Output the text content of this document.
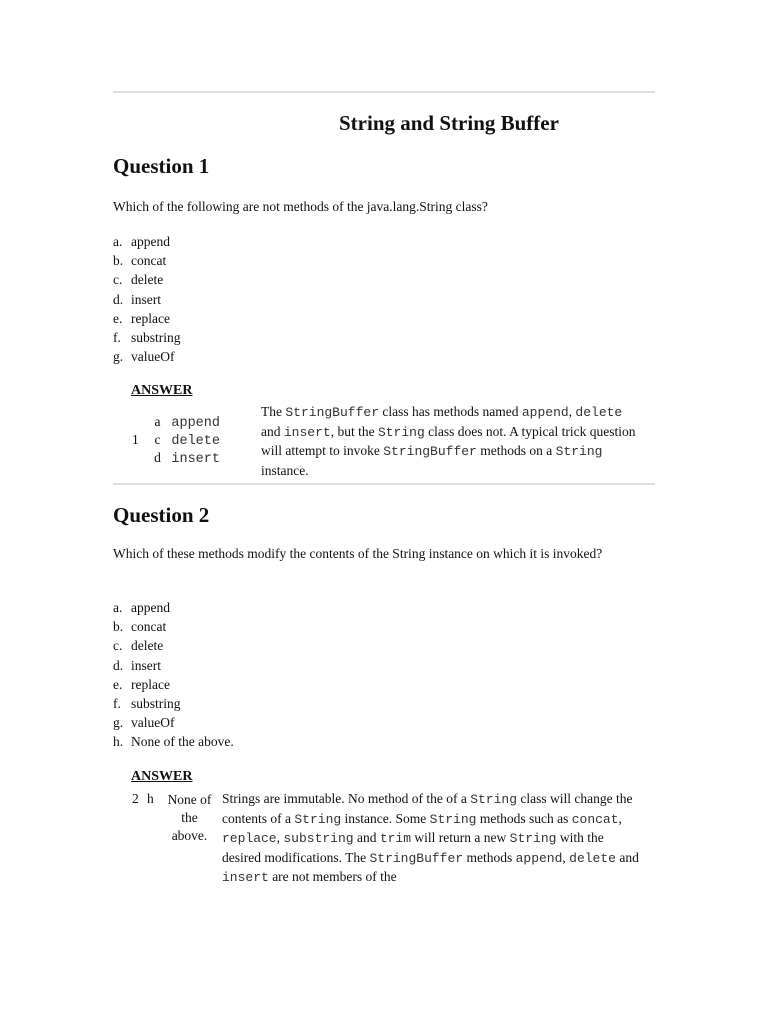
String and String Buffer
Question 1
Which of the following are not methods of the java.lang.String class?
a. append
b. concat
c. delete
d. insert
e. replace
f. substring
g. valueOf
ANSWER
1
a append
c delete
d insert
The StringBuffer class has methods named append, delete and insert, but the String class does not. A typical trick question will attempt to invoke StringBuffer methods on a String instance.
Question 2
Which of these methods modify the contents of the String instance on which it is invoked?
a. append
b. concat
c. delete
d. insert
e. replace
f. substring
g. valueOf
h. None of the above.
ANSWER
2 h	None of the above.
Strings are immutable. No method of the of a String class will change the contents of a String instance. Some String methods such as concat, replace, substring and trim will return a new String with the desired modifications. The StringBuffer methods append, delete and insert are not members of the
